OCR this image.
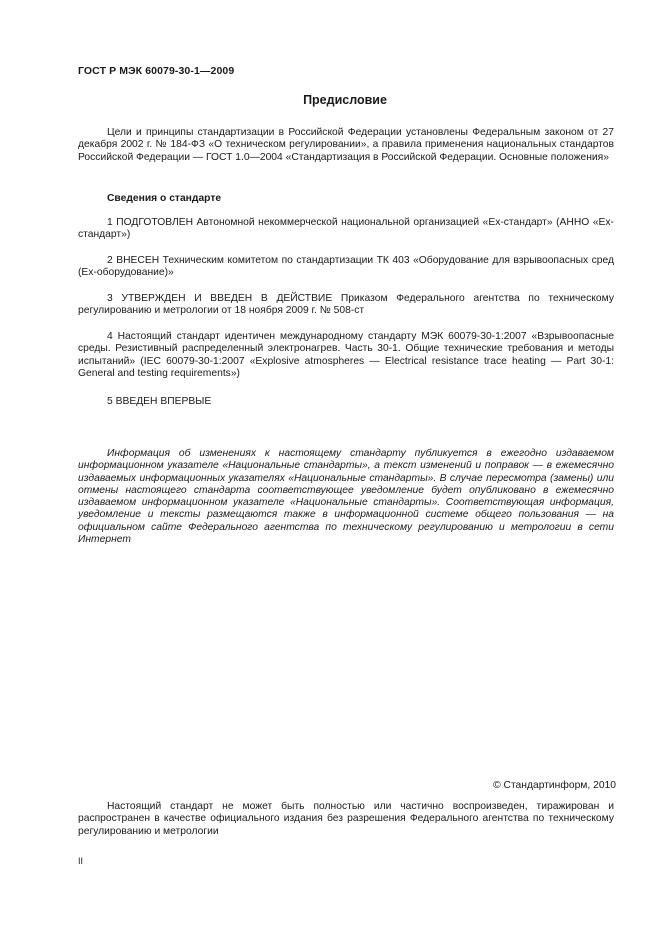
ГОСТ Р МЭК 60079-30-1—2009
Предисловие
Цели и принципы стандартизации в Российской Федерации установлены Федеральным законом от 27 декабря 2002 г. № 184-ФЗ «О техническом регулировании», а правила применения национальных стандартов Российской Федерации — ГОСТ 1.0—2004 «Стандартизация в Российской Федерации. Основные положения»
Сведения о стандарте
1 ПОДГОТОВЛЕН Автономной некоммерческой национальной организацией «Ех-стандарт» (АННО «Ех-стандарт»)
2 ВНЕСЕН Техническим комитетом по стандартизации ТК 403 «Оборудование для взрывоопасных сред (Ех-оборудование)»
3 УТВЕРЖДЕН И ВВЕДЕН В ДЕЙСТВИЕ Приказом Федерального агентства по техническому регулированию и метрологии от 18 ноября 2009 г. № 508-ст
4 Настоящий стандарт идентичен международному стандарту МЭК 60079-30-1:2007 «Взрывоопасные среды. Резистивный распределенный электронагрев. Часть 30-1. Общие технические требования и методы испытаний» (IEC 60079-30-1:2007 «Explosive atmospheres — Electrical resistance trace heating — Part 30-1: General and testing requirements»)
5 ВВЕДЕН ВПЕРВЫЕ
Информация об изменениях к настоящему стандарту публикуется в ежегодно издаваемом информационном указателе «Национальные стандарты», а текст изменений и поправок — в ежемесячно издаваемых информационных указателях «Национальные стандарты». В случае пересмотра (замены) или отмены настоящего стандарта соответствующее уведомление будет опубликовано в ежемесячно издаваемом информационном указателе «Национальные стандарты». Соответствующая информация, уведомление и тексты размещаются также в информационной системе общего пользования — на официальном сайте Федерального агентства по техническому регулированию и метрологии в сети Интернет
© Стандартинформ, 2010
Настоящий стандарт не может быть полностью или частично воспроизведен, тиражирован и распространен в качестве официального издания без разрешения Федерального агентства по техническому регулированию и метрологии
II
